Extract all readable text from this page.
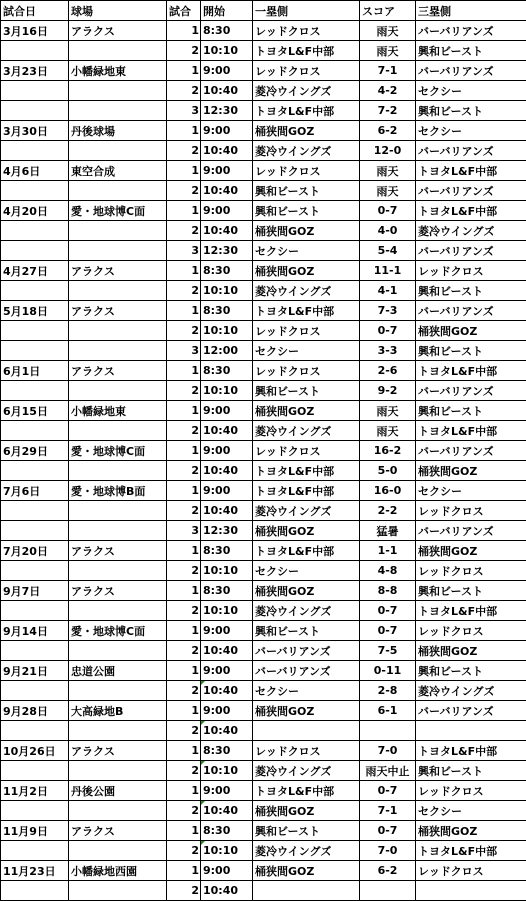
試合日	球場	試合	開始	一塁側	スコア	三塁側
3月16日	アラクス	1	8:30	レッドクロス	雨天	バーバリアンズ
		2	10:10	トヨタL&F中部	雨天	興和ビースト
3月23日	小幡緑地東	1	9:00	レッドクロス	7-1	バーバリアンズ
		2	10:40	菱冷ウイングズ	4-2	セクシー
		3	12:30	トヨタL&F中部	7-2	興和ビースト
3月30日	丹後球場	1	9:00	桶狭間GOZ	6-2	セクシー
		2	10:40	菱冷ウイングズ	12-0	バーバリアンズ
4月6日	東空合成	1	9:00	レッドクロス	雨天	トヨタL&F中部
		2	10:40	興和ビースト	雨天	バーバリアンズ
4月20日	愛・地球博C面	1	9:00	興和ビースト	0-7	トヨタL&F中部
		2	10:40	桶狭間GOZ	4-0	菱冷ウイングズ
		3	12:30	セクシー	5-4	バーバリアンズ
4月27日	アラクス	1	8:30	桶狭間GOZ	11-1	レッドクロス
		2	10:10	菱冷ウイングズ	4-1	興和ビースト
5月18日	アラクス	1	8:30	トヨタL&F中部	7-3	バーバリアンズ
		2	10:10	レッドクロス	0-7	桶狭間GOZ
		3	12:00	セクシー	3-3	興和ビースト
6月1日	アラクス	1	8:30	レッドクロス	2-6	トヨタL&F中部
		2	10:10	興和ビースト	9-2	バーバリアンズ
6月15日	小幡緑地東	1	9:00	桶狭間GOZ	雨天	興和ビースト
		2	10:40	菱冷ウイングズ	雨天	トヨタL&F中部
6月29日	愛・地球博C面	1	9:00	レッドクロス	16-2	バーバリアンズ
		2	10:40	トヨタL&F中部	5-0	桶狭間GOZ
7月6日	愛・地球博B面	1	9:00	トヨタL&F中部	16-0	セクシー
		2	10:40	菱冷ウイングズ	2-2	レッドクロス
		3	12:30	桶狭間GOZ	猛暑	バーバリアンズ
7月20日	アラクス	1	8:30	トヨタL&F中部	1-1	桶狭間GOZ
		2	10:10	セクシー	4-8	レッドクロス
9月7日	アラクス	1	8:30	桶狭間GOZ	8-8	興和ビースト
		2	10:10	菱冷ウイングズ	0-7	トヨタL&F中部
9月14日	愛・地球博C面	1	9:00	興和ビースト	0-7	レッドクロス
		2	10:40	バーバリアンズ	7-5	桶狭間GOZ
9月21日	忠道公園	1	9:00	バーバリアンズ	0-11	興和ビースト
		2	10:40	セクシー	2-8	菱冷ウイングズ
9月28日	大高緑地B	1	9:00	桶狭間GOZ	6-1	バーバリアンズ
		2	10:40			
10月26日	アラクス	1	8:30	レッドクロス	7-0	トヨタL&F中部
		2	10:10	菱冷ウイングズ	雨天中止	興和ビースト
11月2日	丹後公園	1	9:00	トヨタL&F中部	0-7	レッドクロス
		2	10:40	桶狭間GOZ	7-1	セクシー
11月9日	アラクス	1	8:30	興和ビースト	0-7	桶狭間GOZ
		2	10:10	菱冷ウイングズ	7-0	トヨタL&F中部
11月23日	小幡緑地西園	1	9:00	桶狭間GOZ	6-2	レッドクロス
		2	10:40			
